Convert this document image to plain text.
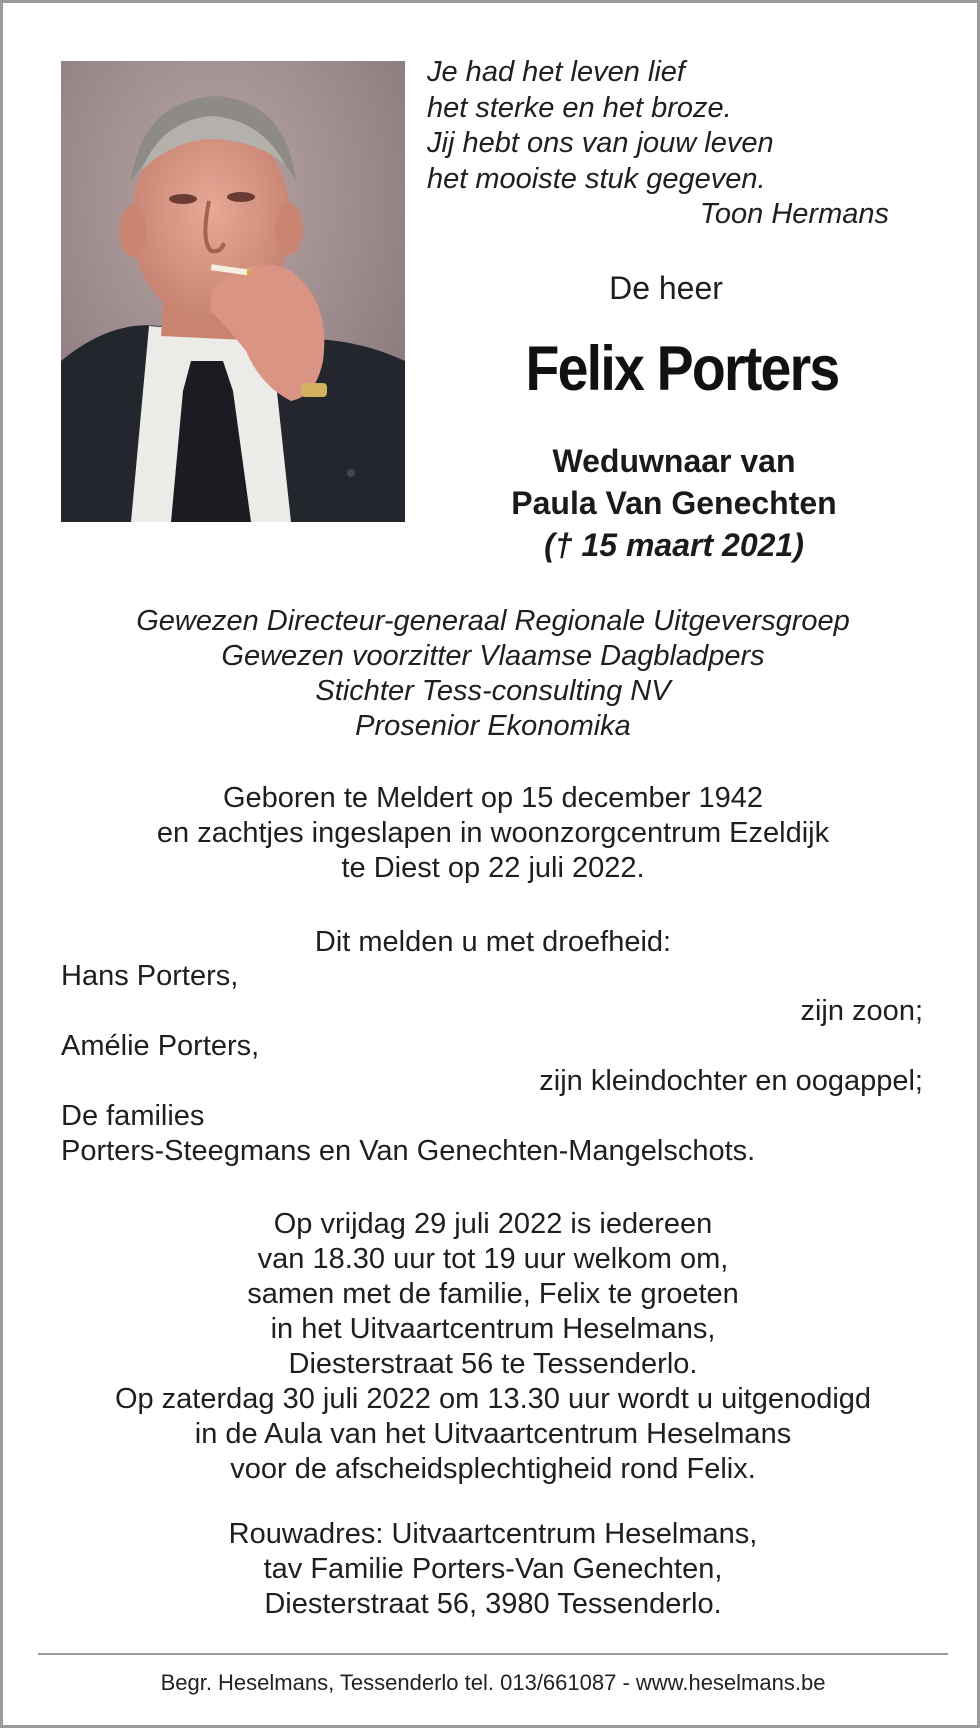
Je had het leven lief
het sterke en het broze.
Jij hebt ons van jouw leven
het mooiste stuk gegeven.
Toon Hermans
De heer
Felix Porters
Weduwnaar van
Paula Van Genechten
(† 15 maart 2021)
Gewezen Directeur-generaal Regionale Uitgeversgroep
Gewezen voorzitter Vlaamse Dagbladpers
Stichter Tess-consulting NV
Prosenior Ekonomika
Geboren te Meldert op 15 december 1942
en zachtjes ingeslapen in woonzorgcentrum Ezeldijk
te Diest op 22 juli 2022.
Dit melden u met droefheid:
Hans Porters,
zijn zoon;
Amélie Porters,
zijn kleindochter en oogappel;
De families
Porters-Steegmans en Van Genechten-Mangelschots.
Op vrijdag 29 juli 2022 is iedereen
van 18.30 uur tot 19 uur welkom om,
samen met de familie, Felix te groeten
in het Uitvaartcentrum Heselmans,
Diesterstraat 56 te Tessenderlo.
Op zaterdag 30 juli 2022 om 13.30 uur wordt u uitgenodigd
in de Aula van het Uitvaartcentrum Heselmans
voor de afscheidsplechtigheid rond Felix.
Rouwadres: Uitvaartcentrum Heselmans,
tav Familie Porters-Van Genechten,
Diesterstraat 56, 3980 Tessenderlo.
Begr. Heselmans, Tessenderlo tel. 013/661087 - www.heselmans.be
